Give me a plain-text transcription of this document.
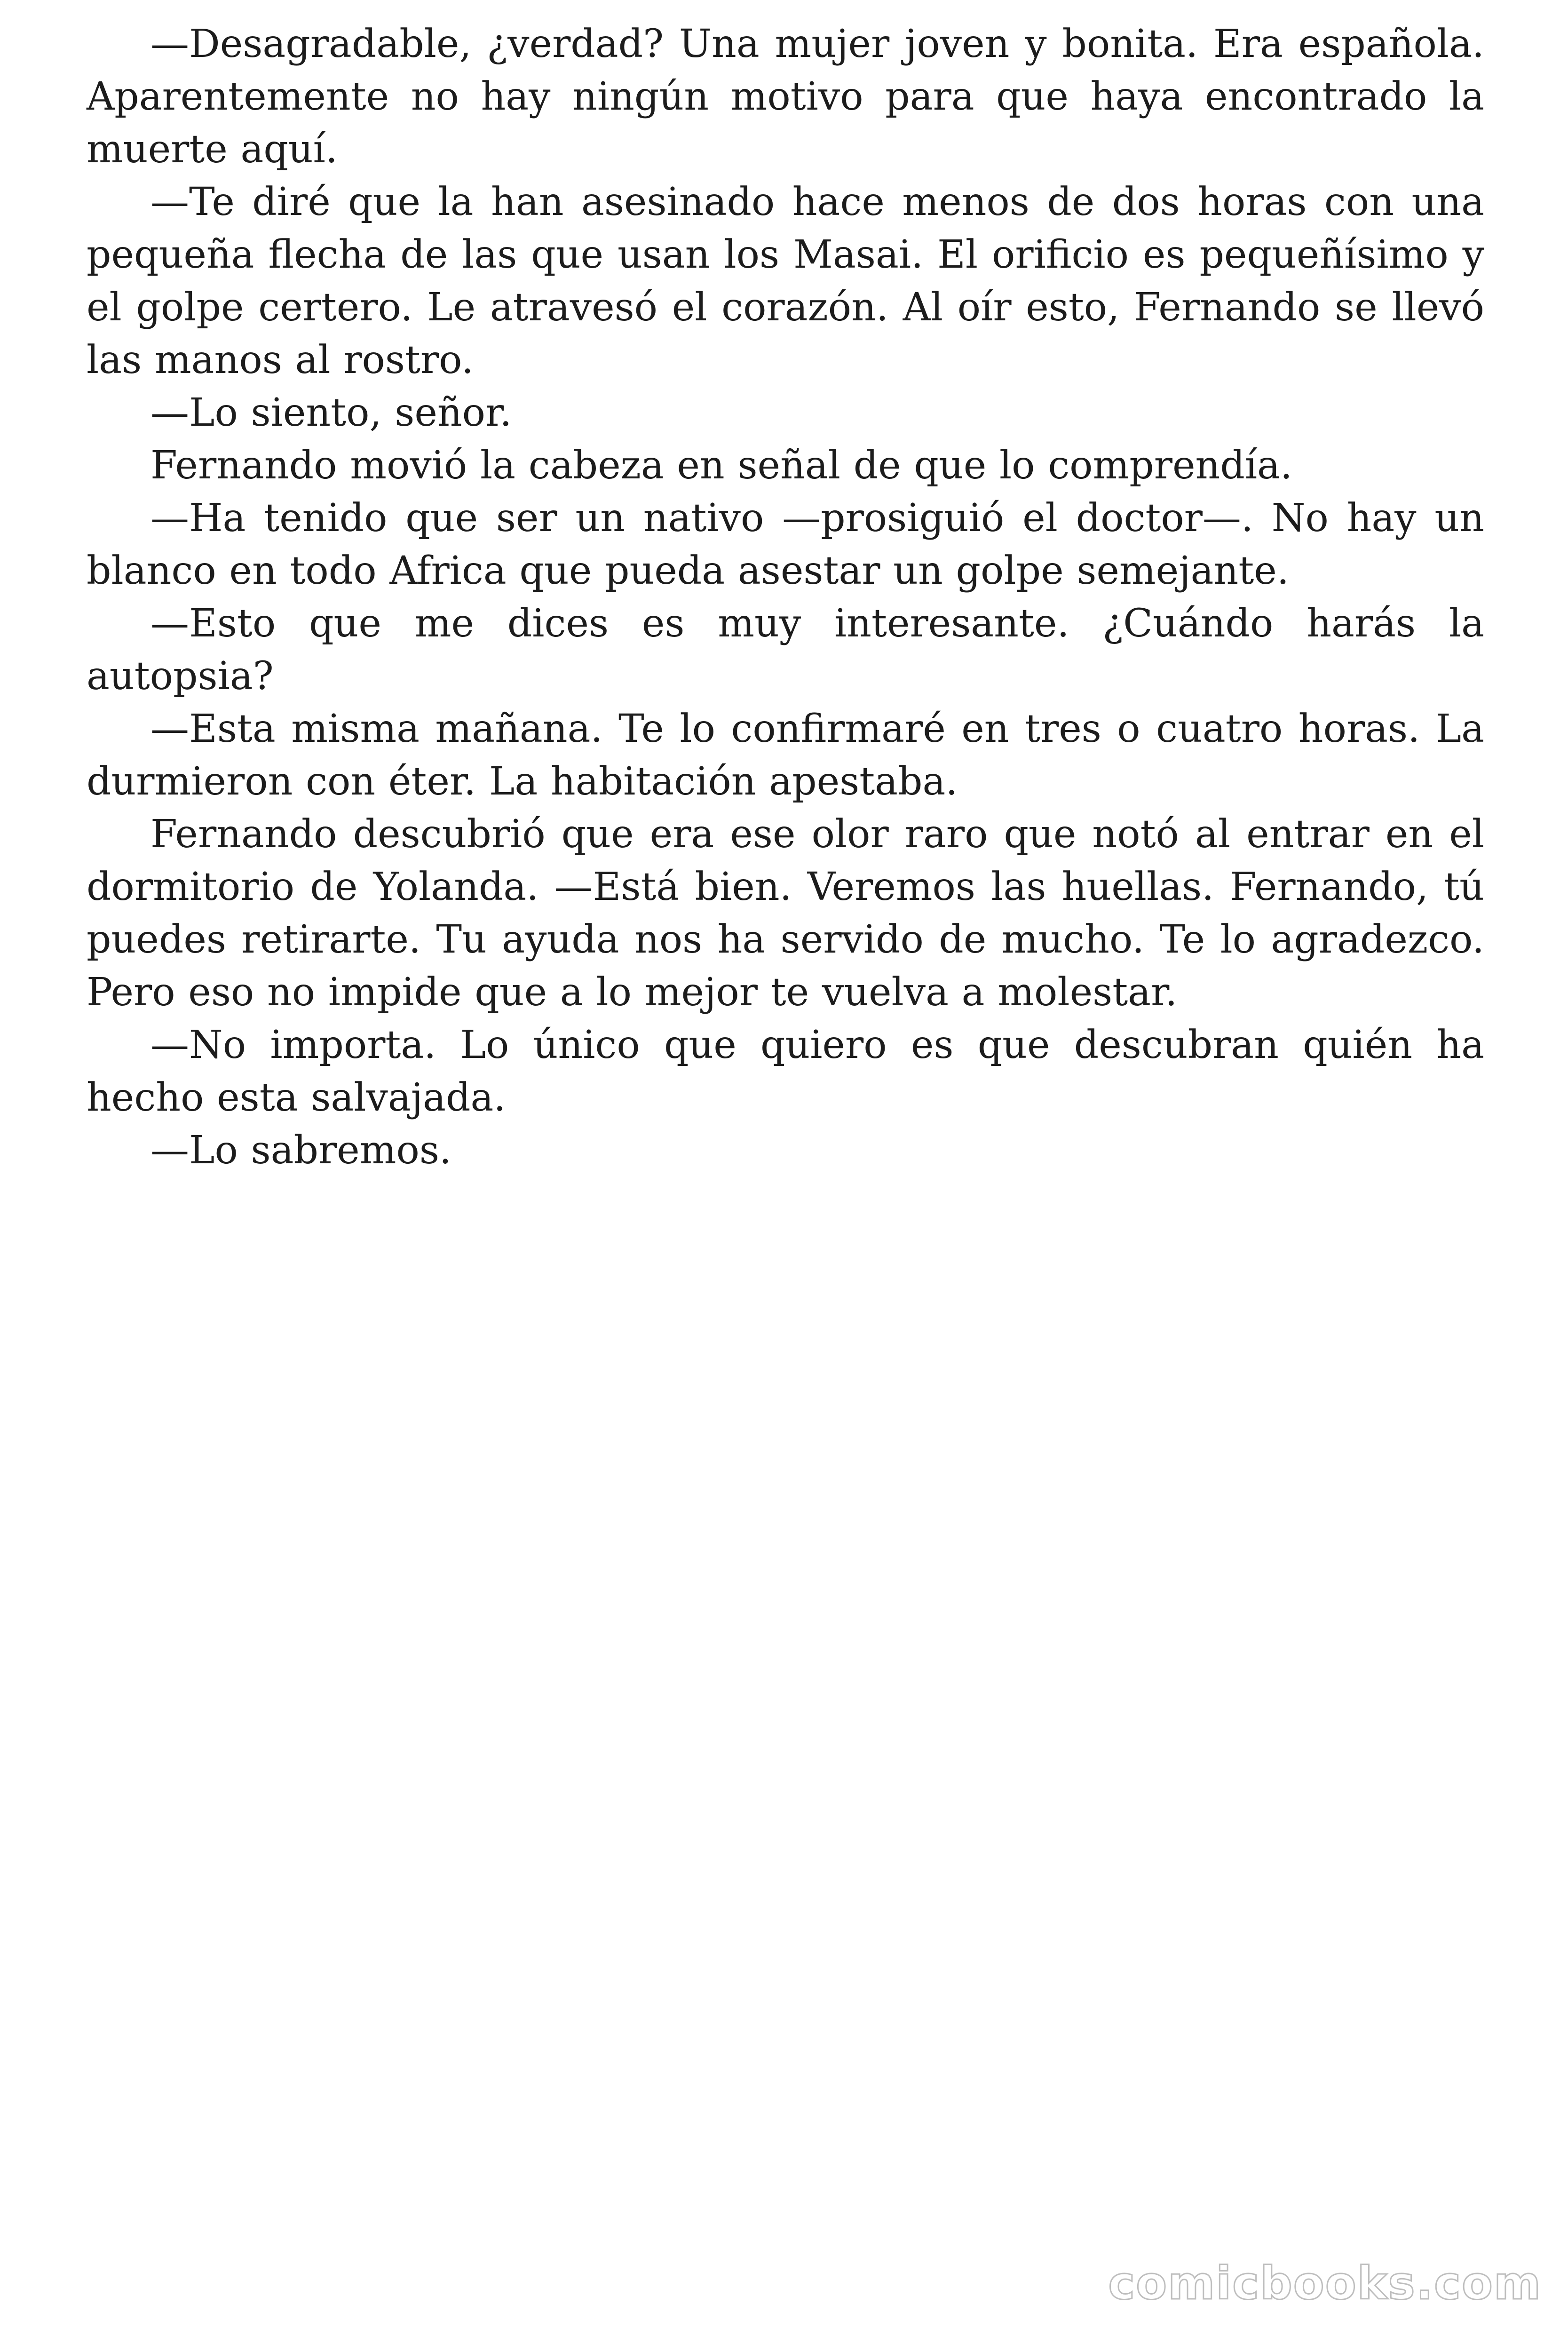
—Desagradable, ¿verdad? Una mujer joven y bonita. Era española. Aparentemente no hay ningún motivo para que haya encontrado la muerte aquí.

—Te diré que la han asesinado hace menos de dos horas con una pequeña flecha de las que usan los Masai. El orificio es pequeñísimo y el golpe certero. Le atravesó el corazón. Al oír esto, Fernando se llevó las manos al rostro.

—Lo siento, señor.

Fernando movió la cabeza en señal de que lo comprendía.

—Ha tenido que ser un nativo —prosiguió el doctor—. No hay un blanco en todo Africa que pueda asestar un golpe semejante.

—Esto que me dices es muy interesante. ¿Cuándo harás la autopsia?

—Esta misma mañana. Te lo confirmaré en tres o cuatro horas. La durmieron con éter. La habitación apestaba.

Fernando descubrió que era ese olor raro que notó al entrar en el dormitorio de Yolanda. —Está bien. Veremos las huellas. Fernando, tú puedes retirarte. Tu ayuda nos ha servido de mucho. Te lo agradezco. Pero eso no impide que a lo mejor te vuelva a molestar.

—No importa. Lo único que quiero es que descubran quién ha hecho esta salvajada.

—Lo sabremos.

comicbooks.com
